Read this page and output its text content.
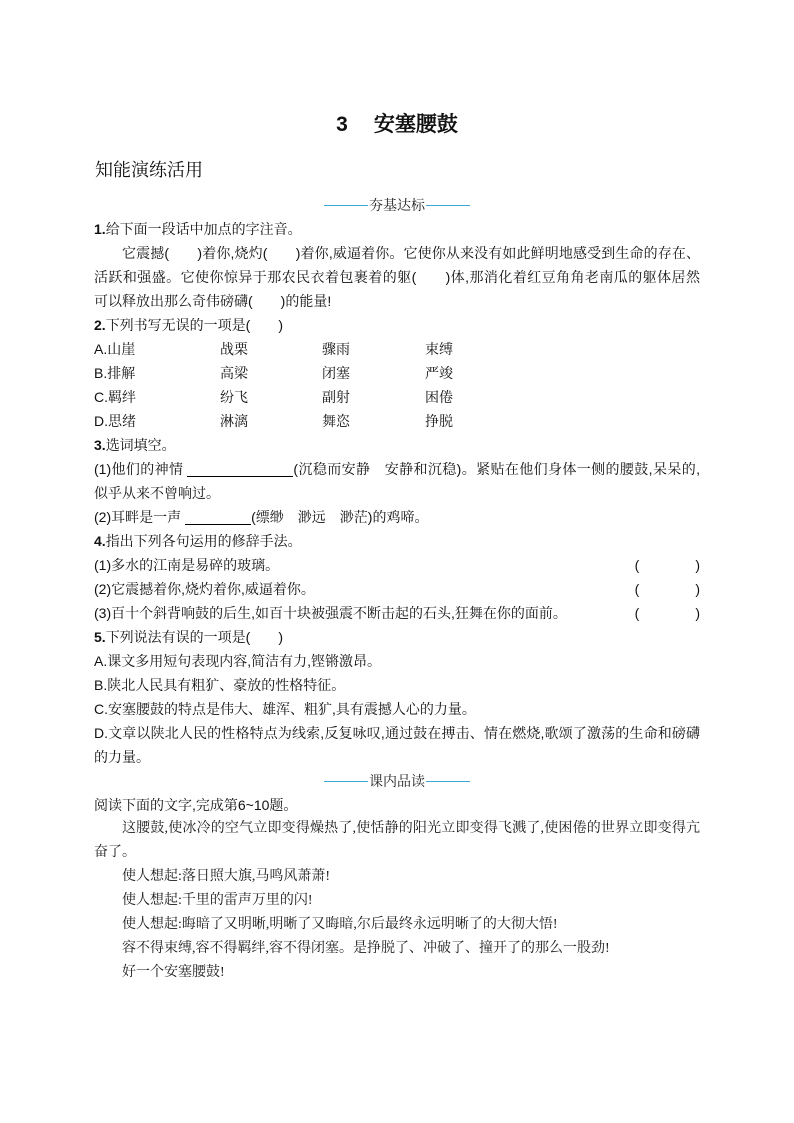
3 安塞腰鼓
知能演练活用
夯基达标
1.给下面一段话中加点的字注音。
它震撼(　　)着你,烧灼(　　)着你,威逼着你。它使你从来没有如此鲜明地感受到生命的存在、
活跃和强盛。它使你惊异于那农民衣着包裹着的躯(　　)体,那消化着红豆角角老南瓜的躯体居然
可以释放出那么奇伟磅礴(　　)的能量!
2.下列书写无误的一项是(　　)
A.山崖	战栗	骤雨	束缚
B.排解	高梁	闭塞	严竣
C.羁绊	纷飞	副射	困倦
D.思绪	淋漓	舞恣	挣脱
3.选词填空。
(1)他们的神情	(沉稳而安静　安静和沉稳)。紧贴在他们身体一侧的腰鼓,呆呆的,
似乎从来不曾响过。
(2)耳畔是一声	(缥缈　渺远　渺茫)的鸡啼。
4.指出下列各句运用的修辞手法。
(1)多水的江南是易碎的玻璃。	(　　　　)
(2)它震撼着你,烧灼着你,威逼着你。	(　　　　)
(3)百十个斜背响鼓的后生,如百十块被强震不断击起的石头,狂舞在你的面前。	(　　　　)
5.下列说法有误的一项是(　　)
A.课文多用短句表现内容,简洁有力,铿锵激昂。
B.陕北人民具有粗犷、豪放的性格特征。
C.安塞腰鼓的特点是伟大、雄浑、粗犷,具有震撼人心的力量。
D.文章以陕北人民的性格特点为线索,反复咏叹,通过鼓在搏击、情在燃烧,歌颂了激荡的生命和磅礴
的力量。
课内品读
阅读下面的文字,完成第6~10题。
这腰鼓,使冰冷的空气立即变得燥热了,使恬静的阳光立即变得飞溅了,使困倦的世界立即变得亢
奋了。
使人想起:落日照大旗,马鸣风萧萧!
使人想起:千里的雷声万里的闪!
使人想起:晦暗了又明晰,明晰了又晦暗,尔后最终永远明晰了的大彻大悟!
容不得束缚,容不得羁绊,容不得闭塞。是挣脱了、冲破了、撞开了的那么一股劲!
好一个安塞腰鼓!
